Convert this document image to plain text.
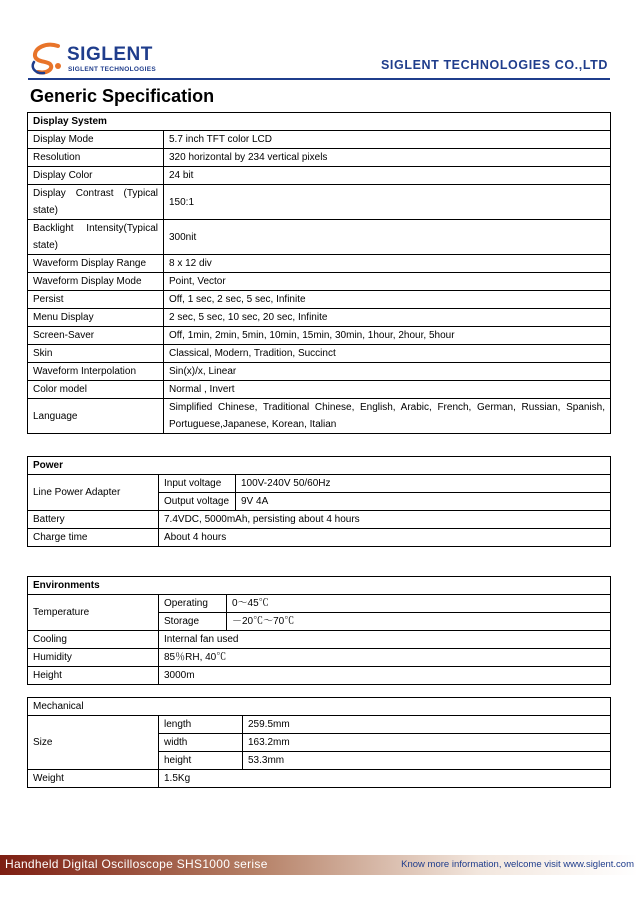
SIGLENT
SIGLENT TECHNOLOGIES	SIGLENT TECHNOLOGIES CO.,LTD
Generic Specification
Display System	
Display Mode	5.7 inch TFT color LCD
Resolution	320 horizontal by 234 vertical pixels
Display Color	24 bit

Display Contrast (Typical
state)	150:1

Backlight Intensity(Typical
state)	300nit
Waveform Display Range	8 x 12 div
Waveform Display Mode	Point, Vector
Persist	Off, 1 sec, 2 sec, 5 sec, Infinite
Menu Display	2 sec, 5 sec, 10 sec, 20 sec, Infinite
Screen-Saver	Off, 1min, 2min, 5min, 10min, 15min, 30min, 1hour, 2hour, 5hour
Skin	Classical, Modern, Tradition, Succinct
Waveform Interpolation	Sin(x)/x, Linear
Color model	Normal , Invert
Language	Simplified Chinese, Traditional Chinese, English, Arabic, French, German, Russian, Spanish,
Portuguese,Japanese, Korean, Italian
Power		
Line Power Adapter	Input voltage	100V-240V 50/60Hz
	Output voltage	9V 4A
Battery	7.4VDC, 5000mAh, persisting about 4 hours	
Charge time	About 4 hours	
Environments		
Temperature	Operating	0～45℃
	Storage	－20℃～70℃
Cooling	Internal fan used	
Humidity	85％RH, 40℃	
Height	3000m	
Mechanical		
Size	length	259.5mm
	width	163.2mm
	height	53.3mm
Weight	1.5Kg	
Handheld Digital Oscilloscope SHS1000 serise	Know more information, welcome visit www.siglent.com
